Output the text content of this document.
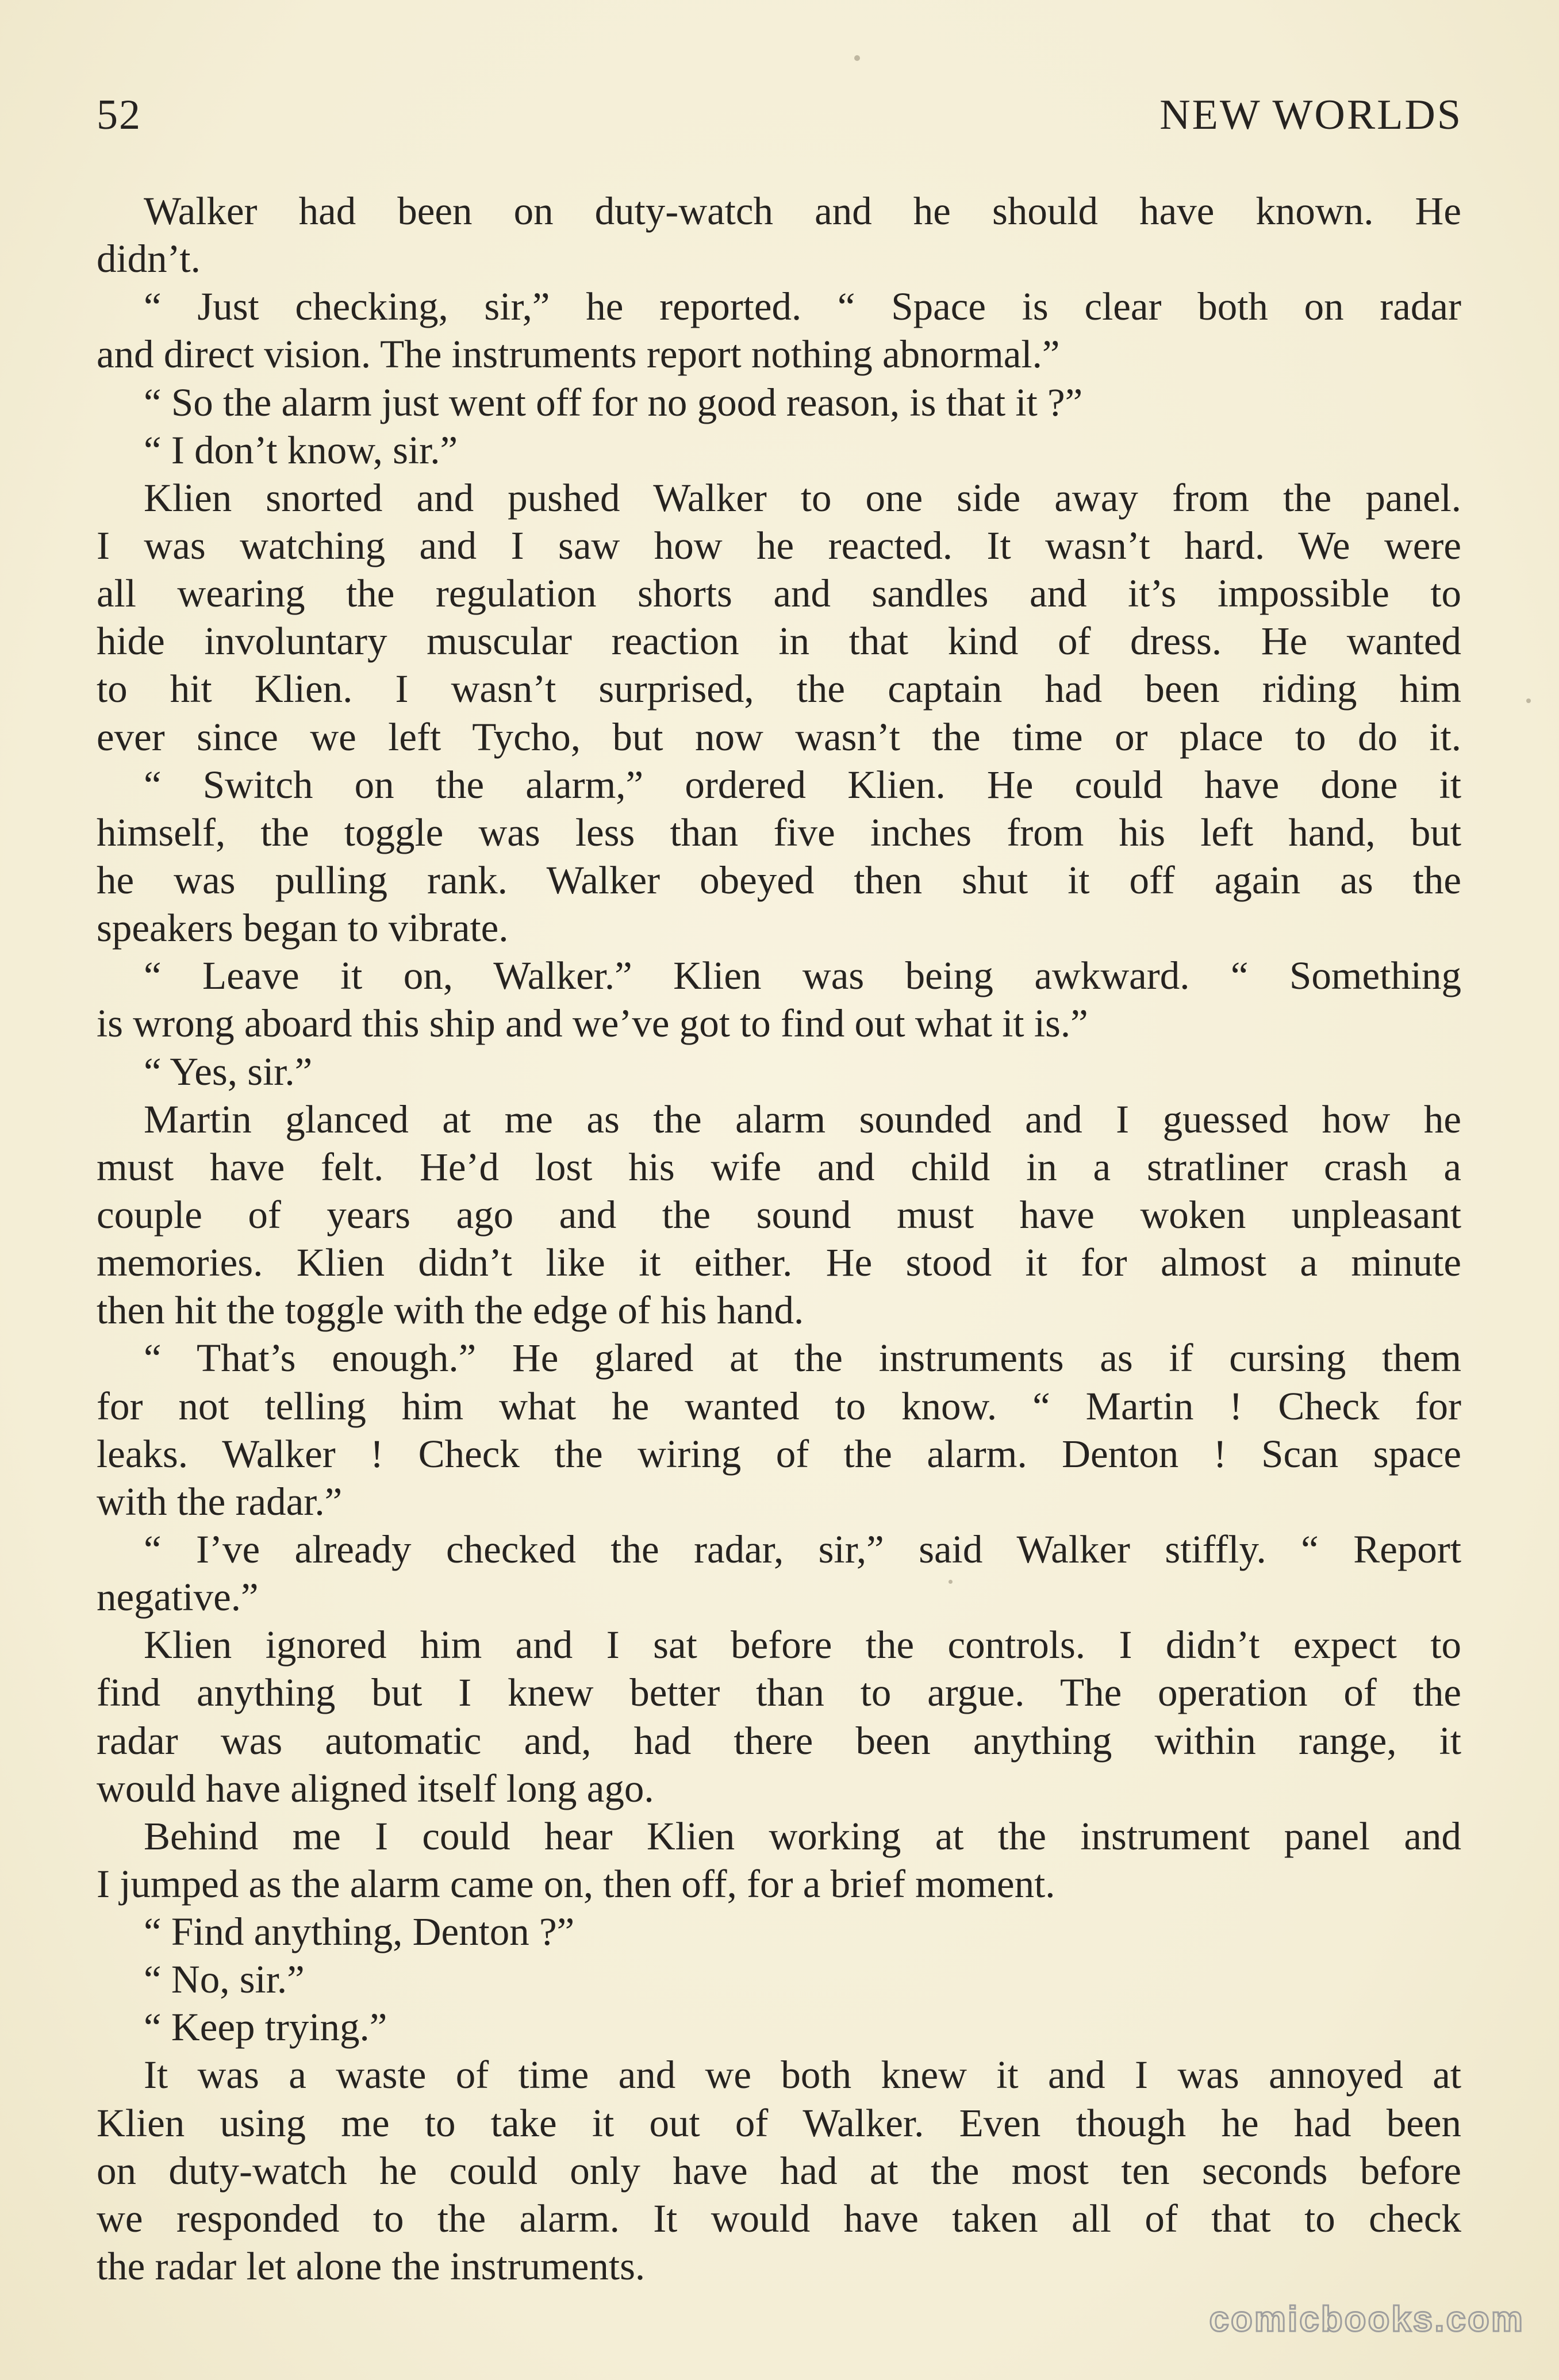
52	NEW WORLDS
Walker had been on duty-watch and he should have known. He
didn’t.
“ Just checking, sir,” he reported. “ Space is clear both on radar
and direct vision. The instruments report nothing abnormal.”
“ So the alarm just went off for no good reason, is that it ?”
“ I don’t know, sir.”
Klien snorted and pushed Walker to one side away from the panel.
I was watching and I saw how he reacted. It wasn’t hard. We were
all wearing the regulation shorts and sandles and it’s impossible to
hide involuntary muscular reaction in that kind of dress. He wanted
to hit Klien. I wasn’t surprised, the captain had been riding him
ever since we left Tycho, but now wasn’t the time or place to do it.
“ Switch on the alarm,” ordered Klien. He could have done it
himself, the toggle was less than five inches from his left hand, but
he was pulling rank. Walker obeyed then shut it off again as the
speakers began to vibrate.
“ Leave it on, Walker.” Klien was being awkward. “ Something
is wrong aboard this ship and we’ve got to find out what it is.”
“ Yes, sir.”
Martin glanced at me as the alarm sounded and I guessed how he
must have felt. He’d lost his wife and child in a stratliner crash a
couple of years ago and the sound must have woken unpleasant
memories. Klien didn’t like it either. He stood it for almost a minute
then hit the toggle with the edge of his hand.
“ That’s enough.” He glared at the instruments as if cursing them
for not telling him what he wanted to know. “ Martin ! Check for
leaks. Walker ! Check the wiring of the alarm. Denton ! Scan space
with the radar.”
“ I’ve already checked the radar, sir,” said Walker stiffly. “ Report
negative.”
Klien ignored him and I sat before the controls. I didn’t expect to
find anything but I knew better than to argue. The operation of the
radar was automatic and, had there been anything within range, it
would have aligned itself long ago.
Behind me I could hear Klien working at the instrument panel and
I jumped as the alarm came on, then off, for a brief moment.
“ Find anything, Denton ?”
“ No, sir.”
“ Keep trying.”
It was a waste of time and we both knew it and I was annoyed at
Klien using me to take it out of Walker. Even though he had been
on duty-watch he could only have had at the most ten seconds before
we responded to the alarm. It would have taken all of that to check
the radar let alone the instruments.
comicbooks.com
